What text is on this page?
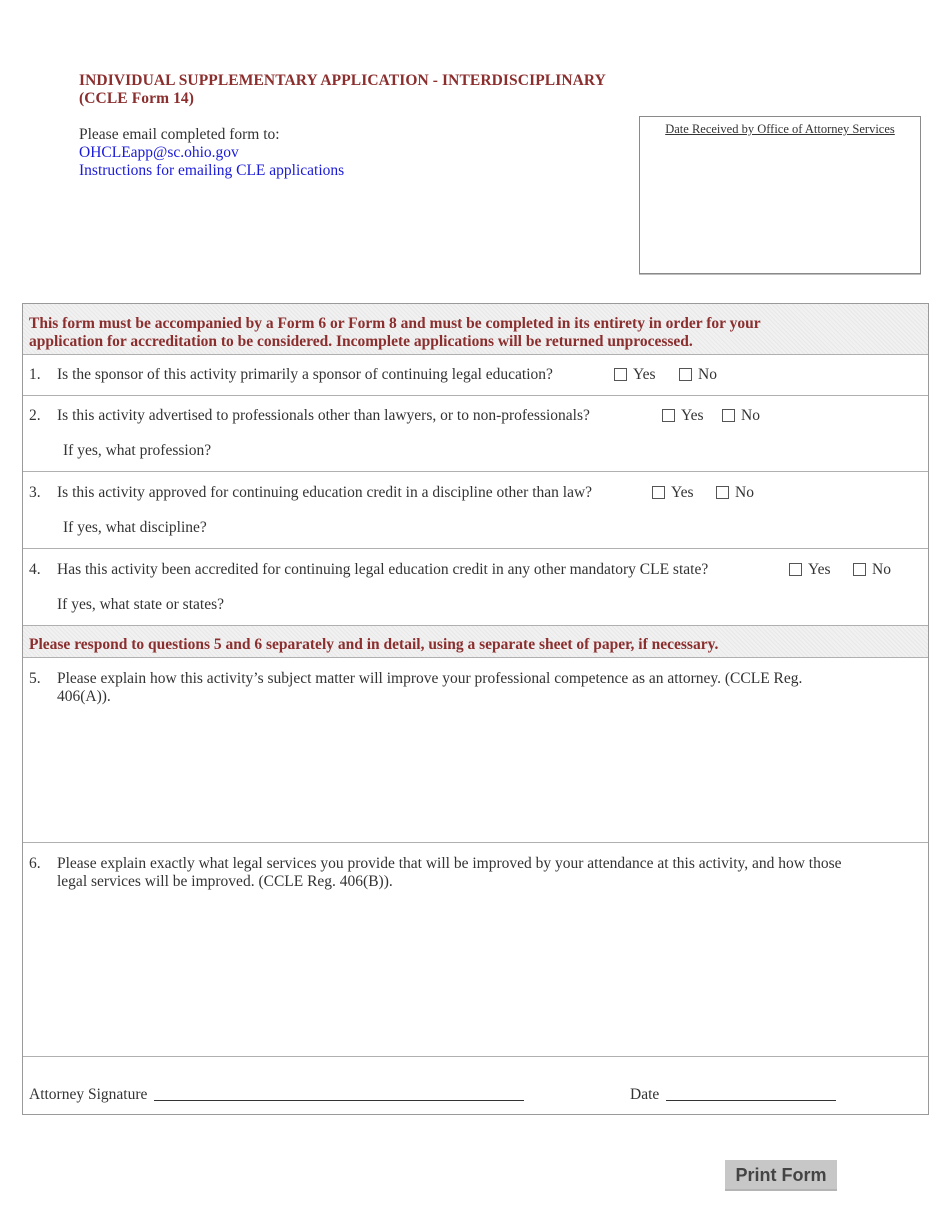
INDIVIDUAL SUPPLEMENTARY APPLICATION - INTERDISCIPLINARY
(CCLE Form 14)
Please email completed form to:
OHCLEapp@sc.ohio.gov
Instructions for emailing CLE applications
Date Received by Office of Attorney Services
This form must be accompanied by a Form 6 or Form 8 and must be completed in its entirety in order for your
application for accreditation to be considered. Incomplete applications will be returned unprocessed.
1. Is the sponsor of this activity primarily a sponsor of continuing legal education?	Yes	No
2. Is this activity advertised to professionals other than lawyers, or to non-professionals?	Yes	No
If yes, what profession?
3. Is this activity approved for continuing education credit in a discipline other than law?	Yes	No
If yes, what discipline?
4. Has this activity been accredited for continuing legal education credit in any other mandatory CLE state?	Yes	No
If yes, what state or states?
Please respond to questions 5 and 6 separately and in detail, using a separate sheet of paper, if necessary.
5. Please explain how this activity’s subject matter will improve your professional competence as an attorney. (CCLE Reg.
406(A)).
6. Please explain exactly what legal services you provide that will be improved by your attendance at this activity, and how those
legal services will be improved. (CCLE Reg. 406(B)).
Attorney Signature	Date
Print Form
